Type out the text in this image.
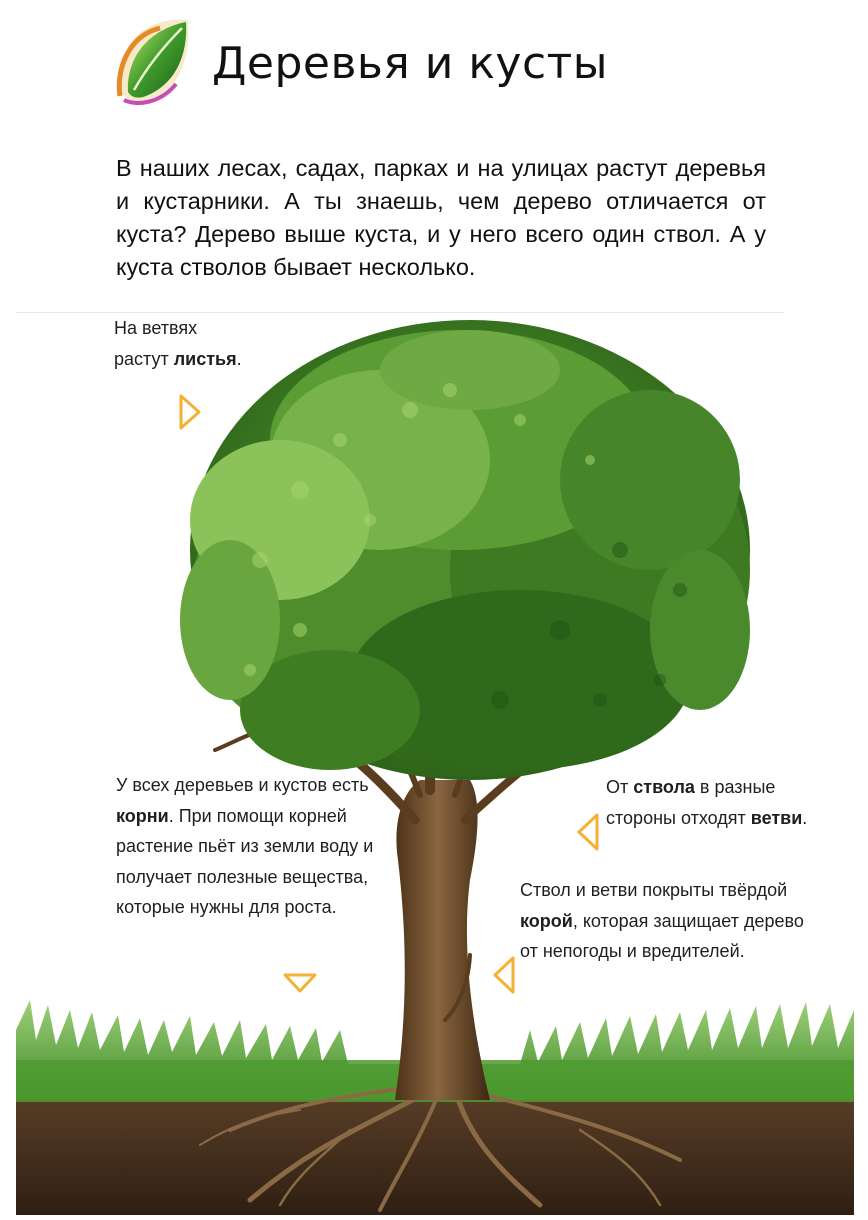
Деревья и кусты

В наших лесах, садах, парках и на улицах растут деревья и кустарники. А ты знаешь, чем дерево отличается от куста? Дерево выше куста, и у него всего один ствол. А у куста стволов бывает несколько.

На ветвях
растут листья.
У всех деревьев и кустов есть корни. При помощи корней растение пьёт из земли воду и получает полезные вещества, которые нужны для роста.
От ствола в разные стороны отходят ветви.
Ствол и ветви покрыты твёрдой корой, которая защищает дерево от непогоды и вредителей.
